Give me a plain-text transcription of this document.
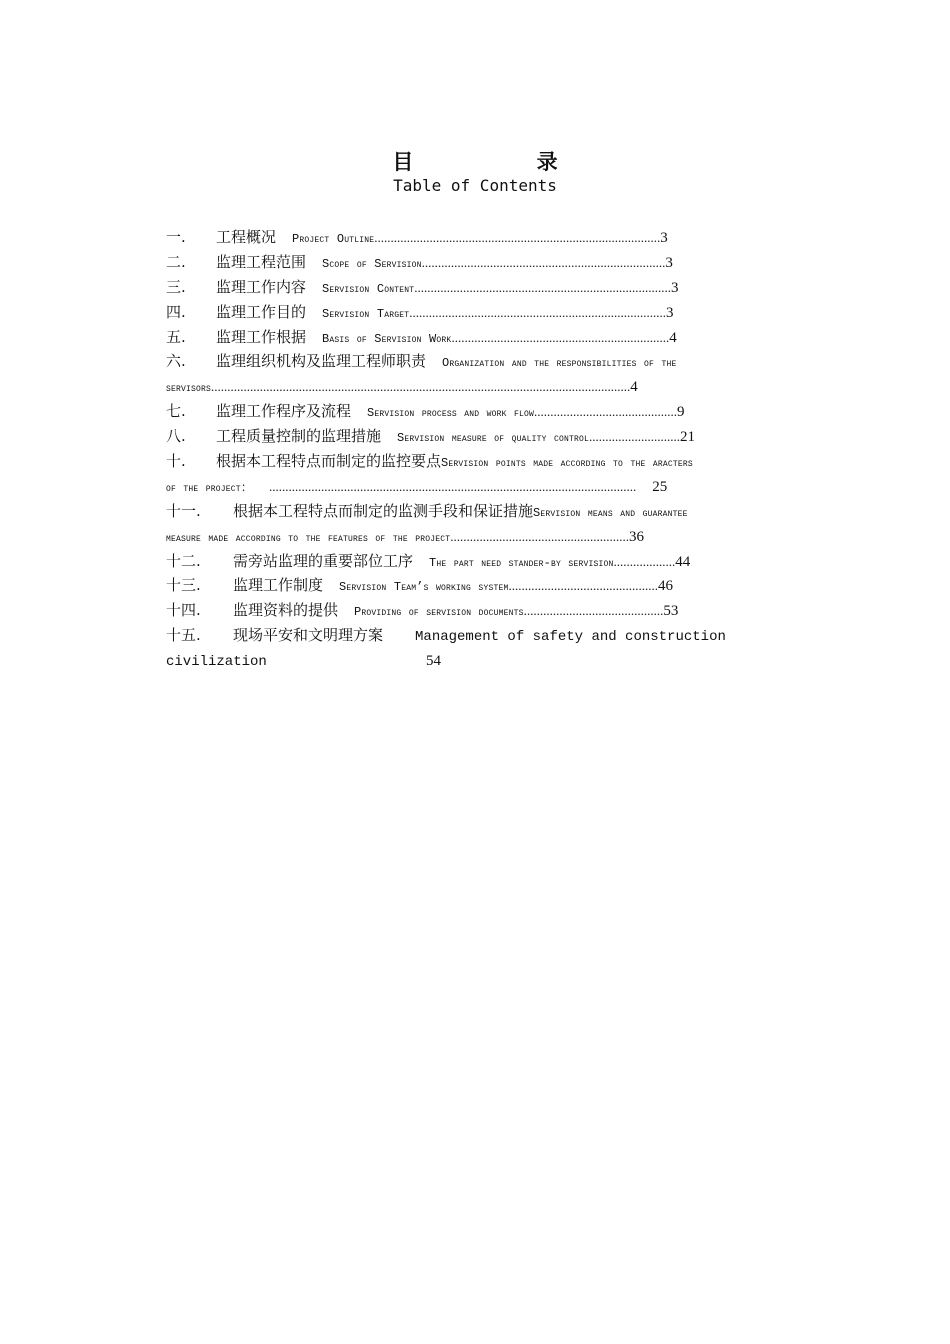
目 录
Table of Contents
一. 工程概况 Project Outline........................................................................................3
二. 监理工程范围 Scope of Servision...........................................................................3
三. 监理工作内容 Servision Content...............................................................................3
四. 监理工作目的 Servision Target...............................................................................3
五. 监理工作根据 Basis of Servision Work...................................................................4
六. 监理组织机构及监理工程师职责 Organization and the responsibilities of the
servisors.................................................................................................................................4
七. 监理工作程序及流程 Servision process and work flow............................................9
八. 工程质量控制的监理措施 Servision measure of quality control............................21
十. 根据本工程特点而制定的监控要点Servision points made according to the aracters
of the project： ................................................................................................................. 25
十一. 根据本工程特点而制定的监测手段和保证措施Servision means and guarantee
measure made according to the features of the project.......................................................36
十二. 需旁站监理的重要部位工序 The part need stander-by servision...................44
十三. 监理工作制度 Servision Team’s working system..............................................46
十四. 监理资料的提供 Providing of servision documents...........................................53
十五. 现场平安和文明理方案 Management of safety and construction
civilization	54
